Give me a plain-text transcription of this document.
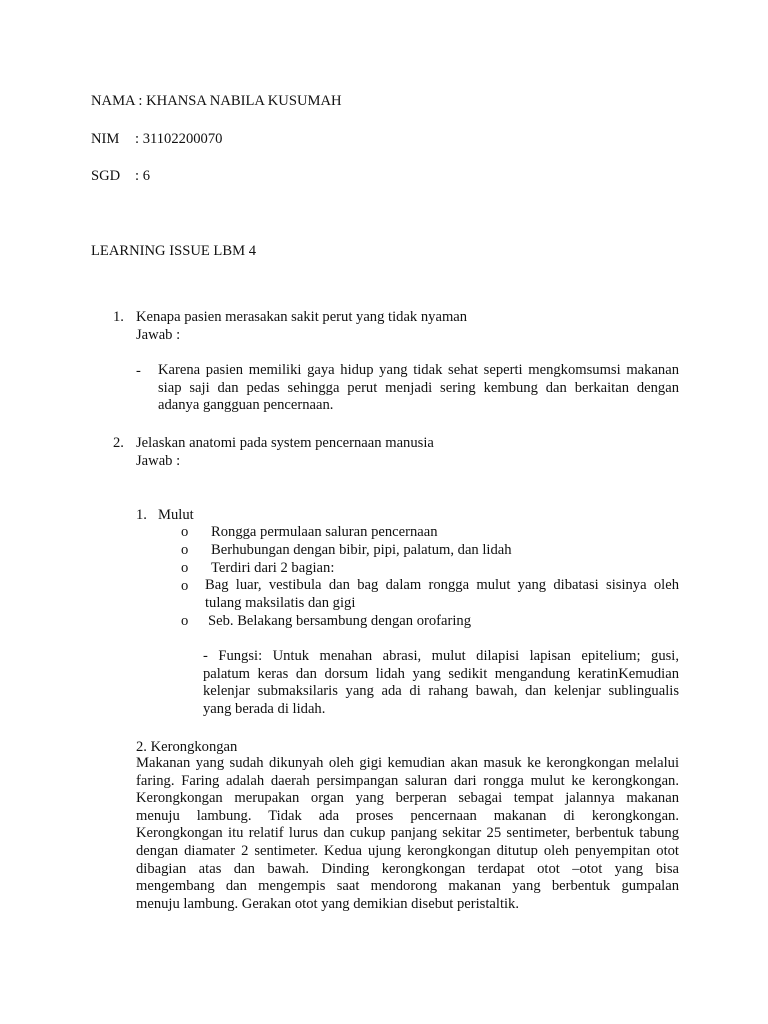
NAMA : KHANSA NABILA KUSUMAH
NIM : 31102200070
SGD : 6
LEARNING ISSUE LBM 4
1. Kenapa pasien merasakan sakit perut yang tidak nyaman
Jawab :
- Karena pasien memiliki gaya hidup yang tidak sehat seperti mengkomsumsi makanan
siap saji dan pedas sehingga perut menjadi sering kembung dan berkaitan dengan
adanya gangguan pencernaan.
2. Jelaskan anatomi pada system pencernaan manusia
Jawab :
1. Mulut
o Rongga permulaan saluran pencernaan
o Berhubungan dengan bibir, pipi, palatum, dan lidah
o Terdiri dari 2 bagian:
o Bag luar, vestibula dan bag dalam rongga mulut yang dibatasi sisinya oleh
tulang maksilatis dan gigi
o Seb. Belakang bersambung dengan orofaring
- Fungsi: Untuk menahan abrasi, mulut dilapisi lapisan epitelium; gusi,
palatum keras dan dorsum lidah yang sedikit mengandung keratinKemudian
kelenjar submaksilaris yang ada di rahang bawah, dan kelenjar sublingualis
yang berada di lidah.
2. Kerongkongan
Makanan yang sudah dikunyah oleh gigi kemudian akan masuk ke kerongkongan melalui
faring. Faring adalah daerah persimpangan saluran dari rongga mulut ke kerongkongan.
Kerongkongan merupakan organ yang berperan sebagai tempat jalannya makanan
menuju lambung. Tidak ada proses pencernaan makanan di kerongkongan.
Kerongkongan itu relatif lurus dan cukup panjang sekitar 25 sentimeter, berbentuk tabung
dengan diamater 2 sentimeter. Kedua ujung kerongkongan ditutup oleh penyempitan otot
dibagian atas dan bawah. Dinding kerongkongan terdapat otot –otot yang bisa
mengembang dan mengempis saat mendorong makanan yang berbentuk gumpalan
menuju lambung. Gerakan otot yang demikian disebut peristaltik.
